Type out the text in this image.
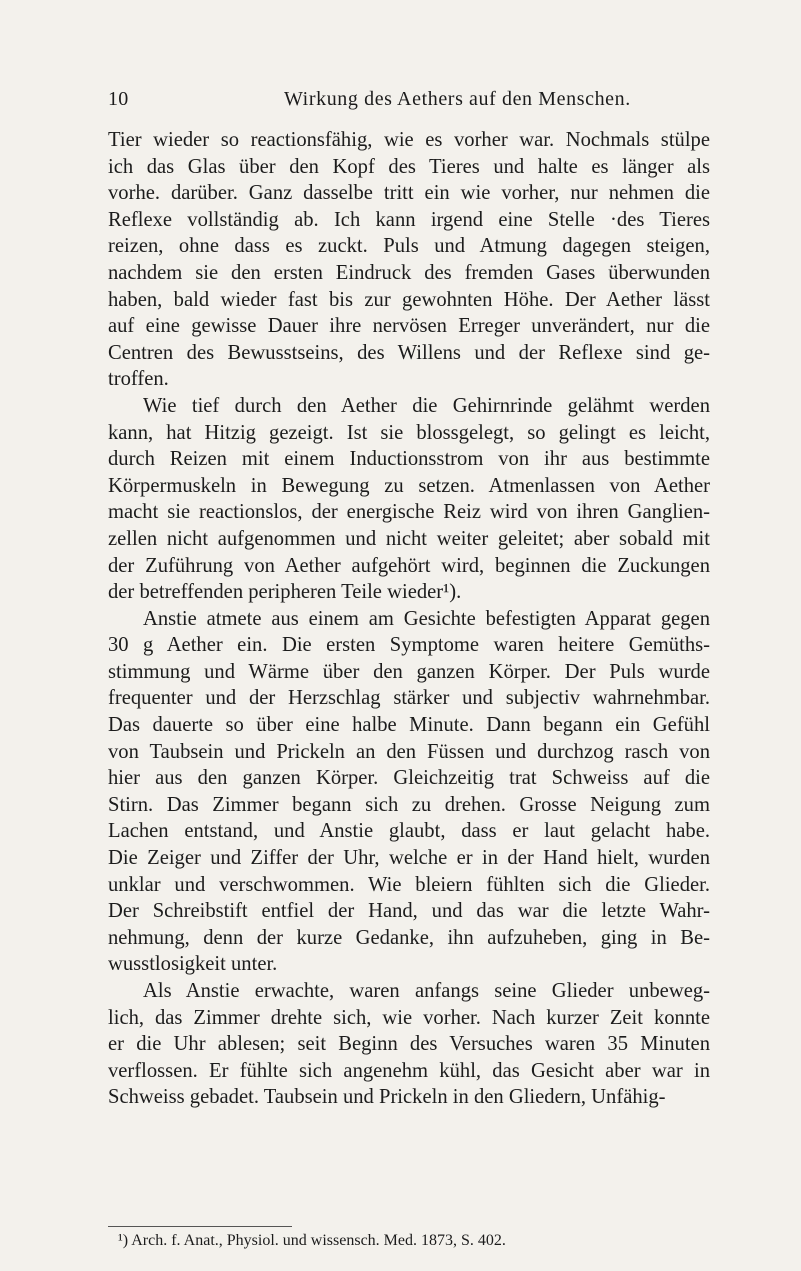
10	Wirkung des Aethers auf den Menschen.
Tier wieder so reactionsfähig, wie es vorher war. Nochmals stülpe
ich das Glas über den Kopf des Tieres und halte es länger als
vorhe. darüber. Ganz dasselbe tritt ein wie vorher, nur nehmen die
Reflexe vollständig ab. Ich kann irgend eine Stelle ·des Tieres
reizen, ohne dass es zuckt. Puls und Atmung dagegen steigen,
nachdem sie den ersten Eindruck des fremden Gases überwunden
haben, bald wieder fast bis zur gewohnten Höhe. Der Aether lässt
auf eine gewisse Dauer ihre nervösen Erreger unverändert, nur die
Centren des Bewusstseins, des Willens und der Reflexe sind ge-
troffen.
Wie tief durch den Aether die Gehirnrinde gelähmt werden
kann, hat Hitzig gezeigt. Ist sie blossgelegt, so gelingt es leicht,
durch Reizen mit einem Inductionsstrom von ihr aus bestimmte
Körpermuskeln in Bewegung zu setzen. Atmenlassen von Aether
macht sie reactionslos, der energische Reiz wird von ihren Ganglien-
zellen nicht aufgenommen und nicht weiter geleitet; aber sobald mit
der Zuführung von Aether aufgehört wird, beginnen die Zuckungen
der betreffenden peripheren Teile wieder¹).
Anstie atmete aus einem am Gesichte befestigten Apparat gegen
30 g Aether ein. Die ersten Symptome waren heitere Gemüths-
stimmung und Wärme über den ganzen Körper. Der Puls wurde
frequenter und der Herzschlag stärker und subjectiv wahrnehmbar.
Das dauerte so über eine halbe Minute. Dann begann ein Gefühl
von Taubsein und Prickeln an den Füssen und durchzog rasch von
hier aus den ganzen Körper. Gleichzeitig trat Schweiss auf die
Stirn. Das Zimmer begann sich zu drehen. Grosse Neigung zum
Lachen entstand, und Anstie glaubt, dass er laut gelacht habe.
Die Zeiger und Ziffer der Uhr, welche er in der Hand hielt, wurden
unklar und verschwommen. Wie bleiern fühlten sich die Glieder.
Der Schreibstift entfiel der Hand, und das war die letzte Wahr-
nehmung, denn der kurze Gedanke, ihn aufzuheben, ging in Be-
wusstlosigkeit unter.
Als Anstie erwachte, waren anfangs seine Glieder unbeweg-
lich, das Zimmer drehte sich, wie vorher. Nach kurzer Zeit konnte
er die Uhr ablesen; seit Beginn des Versuches waren 35 Minuten
verflossen. Er fühlte sich angenehm kühl, das Gesicht aber war in
Schweiss gebadet. Taubsein und Prickeln in den Gliedern, Unfähig-
¹) Arch. f. Anat., Physiol. und wissensch. Med. 1873, S. 402.
